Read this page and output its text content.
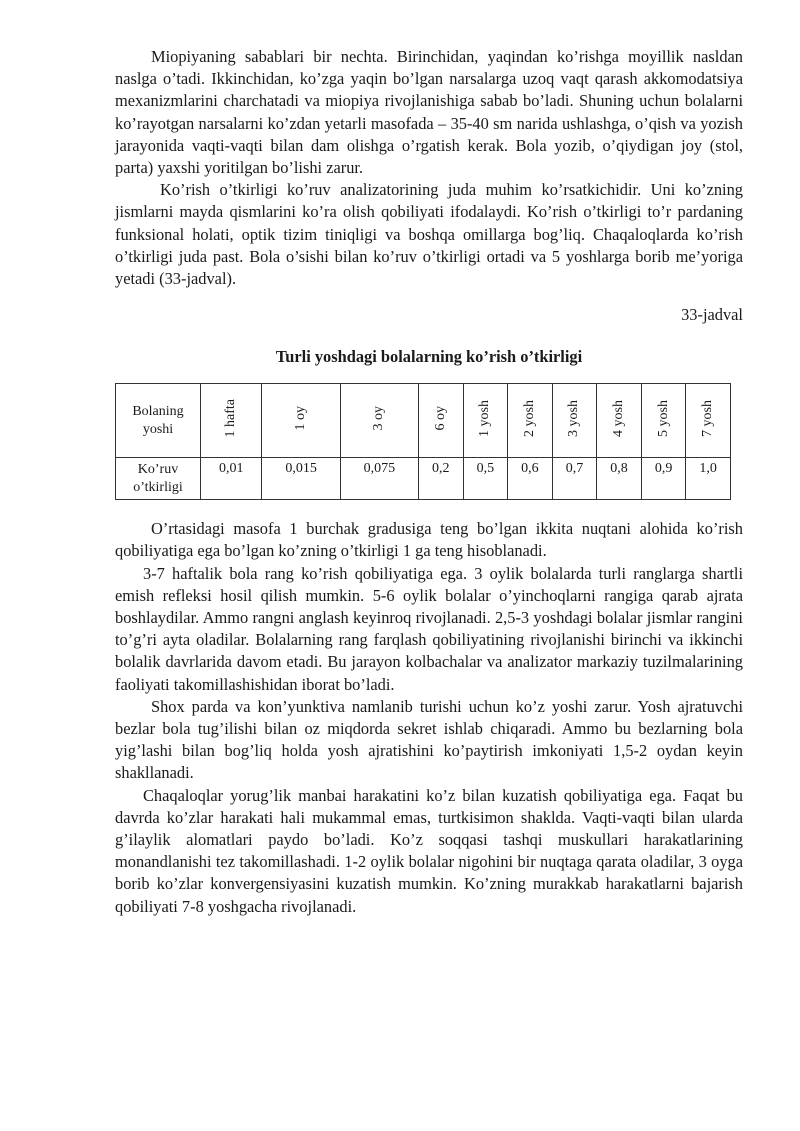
Miopiyaning sabablari bir nechta. Birinchidan, yaqindan ko’rishga moyillik nasldan naslga o’tadi. Ikkinchidan, ko’zga yaqin bo’lgan narsalarga uzoq vaqt qarash akkomodatsiya mexanizmlarini charchatadi va miopiya rivojlanishiga sabab bo’ladi. Shuning uchun bolalarni ko’rayotgan narsalarni ko’zdan yetarli masofada – 35-40 sm narida ushlashga, o’qish va yozish jarayonida vaqti-vaqti bilan dam olishga o’rgatish kerak. Bola yozib, o’qiydigan joy (stol, parta) yaxshi yoritilgan bo’lishi zarur.

Ko’rish o’tkirligi ko’ruv analizatorining juda muhim ko’rsatkichidir. Uni ko’zning jismlarni mayda qismlarini ko’ra olish qobiliyati ifodalaydi. Ko’rish o’tkirligi to’r pardaning funksional holati, optik tizim tiniqligi va boshqa omillarga bog’liq. Chaqaloqlarda ko’rish o’tkirligi juda past. Bola o’sishi bilan ko’ruv o’tkirligi ortadi va 5 yoshlarga borib me’yoriga yetadi (33-jadval).

33-jadval
Turli yoshdagi bolalarning ko’rish o’tkirligi
Bolaning yoshi	1 hafta	1 oy	3 oy	6 oy	1 yosh	2 yosh	3 yosh	4 yosh	5 yosh	7 yosh
Ko’ruv o’tkirligi	0,01	0,015	0,075	0,2	0,5	0,6	0,7	0,8	0,9	1,0

O’rtasidagi masofa 1 burchak gradusiga teng bo’lgan ikkita nuqtani alohida ko’rish qobiliyatiga ega bo’lgan ko’zning o’tkirligi 1 ga teng hisoblanadi.

3-7 haftalik bola rang ko’rish qobiliyatiga ega. 3 oylik bolalarda turli ranglarga shartli emish refleksi hosil qilish mumkin. 5-6 oylik bolalar o’yinchoqlarni rangiga qarab ajrata boshlaydilar. Ammo rangni anglash keyinroq rivojlanadi. 2,5-3 yoshdagi bolalar jismlar rangini to’g’ri ayta oladilar. Bolalarning rang farqlash qobiliyatining rivojlanishi birinchi va ikkinchi bolalik davrlarida davom etadi. Bu jarayon kolbachalar va analizator markaziy tuzilmalarining faoliyati takomillashishidan iborat bo’ladi.

Shox parda va kon’yunktiva namlanib turishi uchun ko’z yoshi zarur. Yosh ajratuvchi bezlar bola tug’ilishi bilan oz miqdorda sekret ishlab chiqaradi. Ammo bu bezlarning bola yig’lashi bilan bog’liq holda yosh ajratishini ko’paytirish imkoniyati 1,5-2 oydan keyin shakllanadi.

Chaqaloqlar yorug’lik manbai harakatini ko’z bilan kuzatish qobiliyatiga ega. Faqat bu davrda ko’zlar harakati hali mukammal emas, turtkisimon shaklda. Vaqti-vaqti bilan ularda g’ilaylik alomatlari paydo bo’ladi. Ko’z soqqasi tashqi muskullari harakatlarining monandlanishi tez takomillashadi. 1-2 oylik bolalar nigohini bir nuqtaga qarata oladilar, 3 oyga borib ko’zlar konvergensiyasini kuzatish mumkin. Ko’zning murakkab harakatlarni bajarish qobiliyati 7-8 yoshgacha rivojlanadi.
